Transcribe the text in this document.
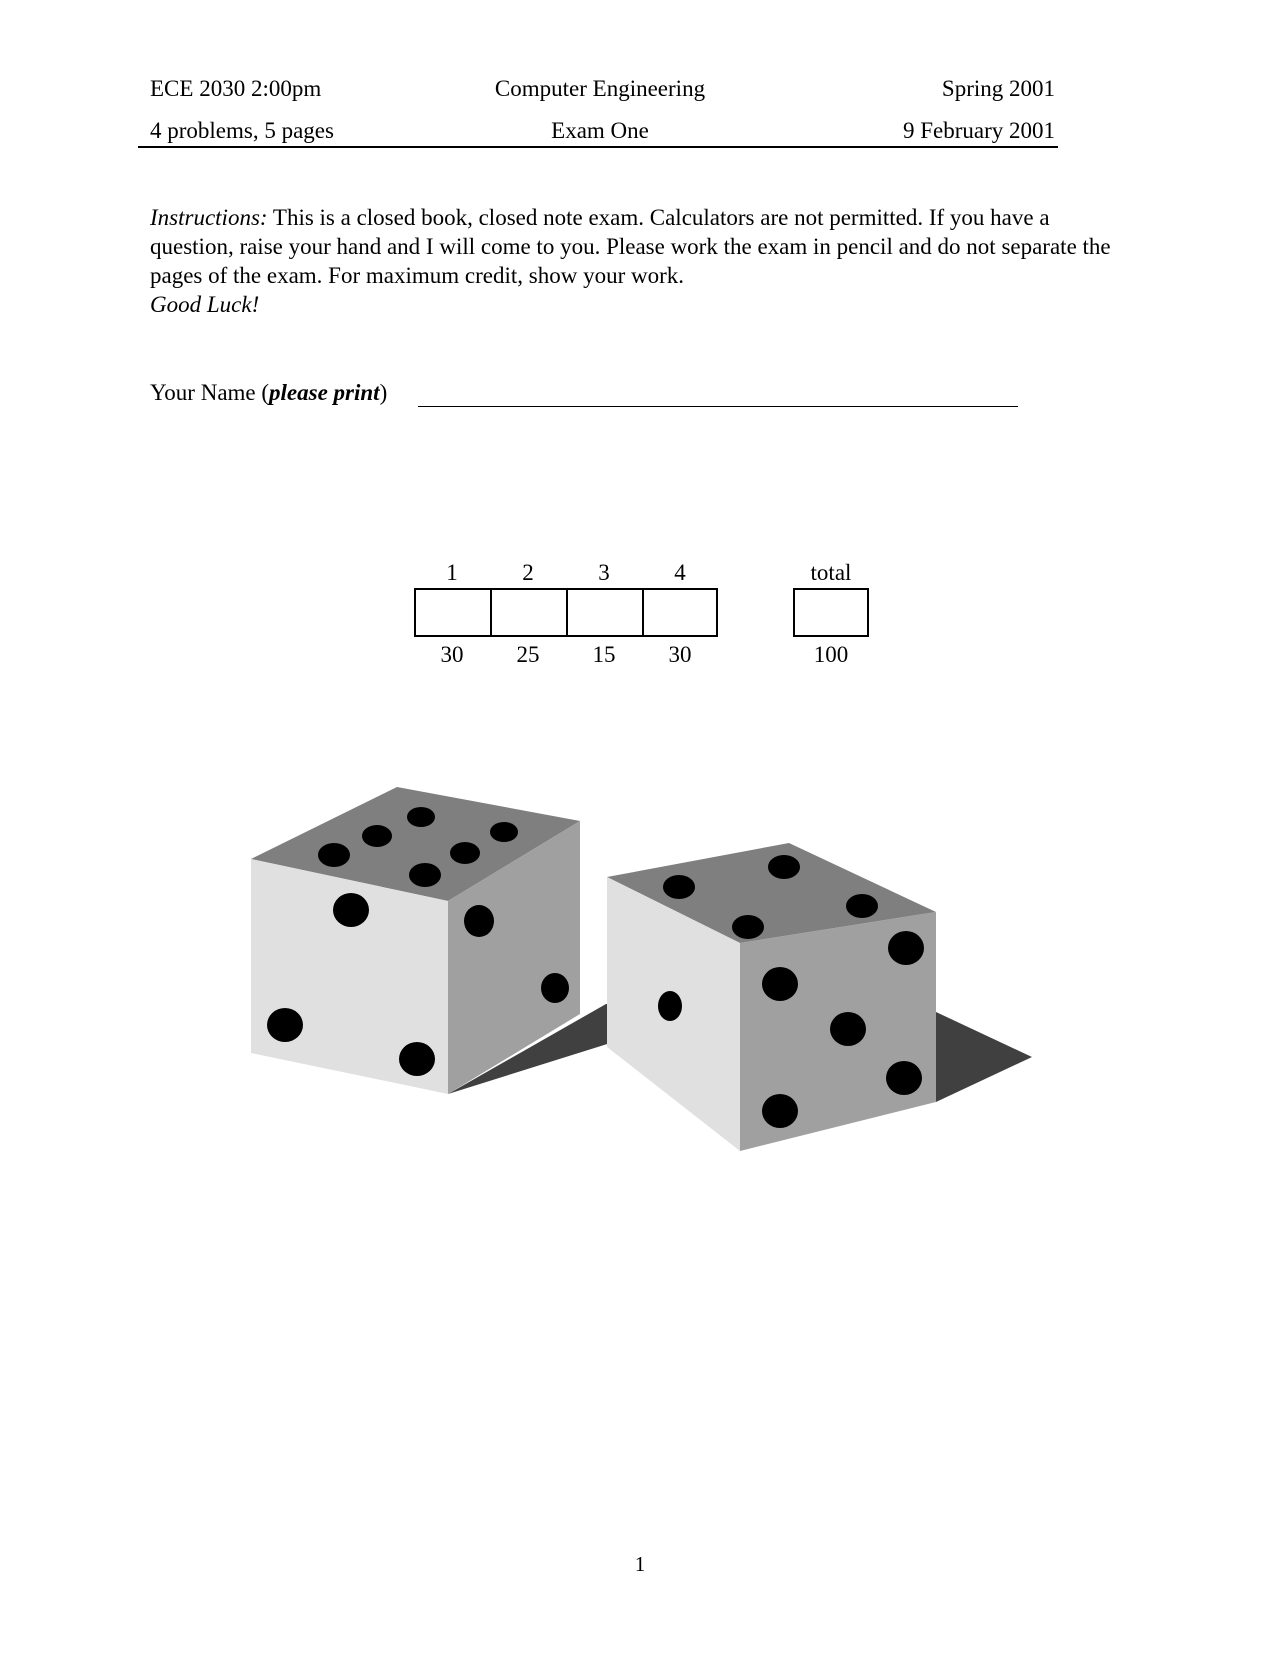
ECE 2030 2:00pm	Computer Engineering	Spring 2001
4 problems, 5 pages	Exam One	9 February 2001
Instructions: This is a closed book, closed note exam. Calculators are not permitted. If you have a question, raise your hand and I will come to you. Please work the exam in pencil and do not separate the pages of the exam. For maximum credit, show your work.
Good Luck!
Your Name (please print)
1	2	3	4	total
30	25	15	30	100
1
